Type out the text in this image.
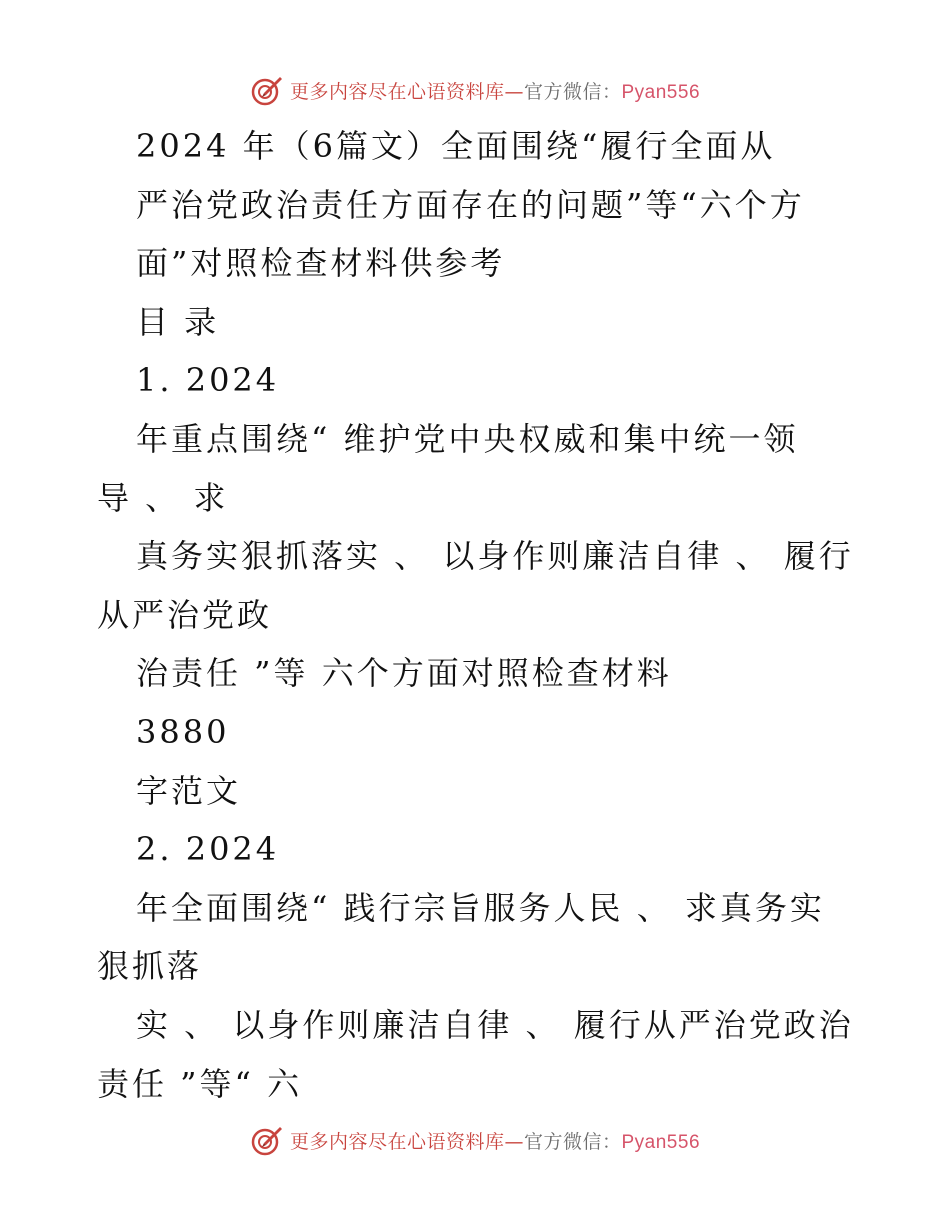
更多内容尽在心语资料库—官方微信：Pyan556
2024 年（6篇文）全面围绕“履行全面从
严治党政治责任方面存在的问题”等“六个方
面”对照检查材料供参考
目 录
1. 2024
年重点围绕“ 维护党中央权威和集中统一领
导 、 求
真务实狠抓落实 、 以身作则廉洁自律 、 履行
从严治党政
治责任 ”等 六个方面对照检查材料
3880
字范文
2. 2024
年全面围绕“ 践行宗旨服务人民 、 求真务实
狠抓落
实 、 以身作则廉洁自律 、 履行从严治党政治
责任 ”等“ 六
更多内容尽在心语资料库—官方微信：Pyan556
